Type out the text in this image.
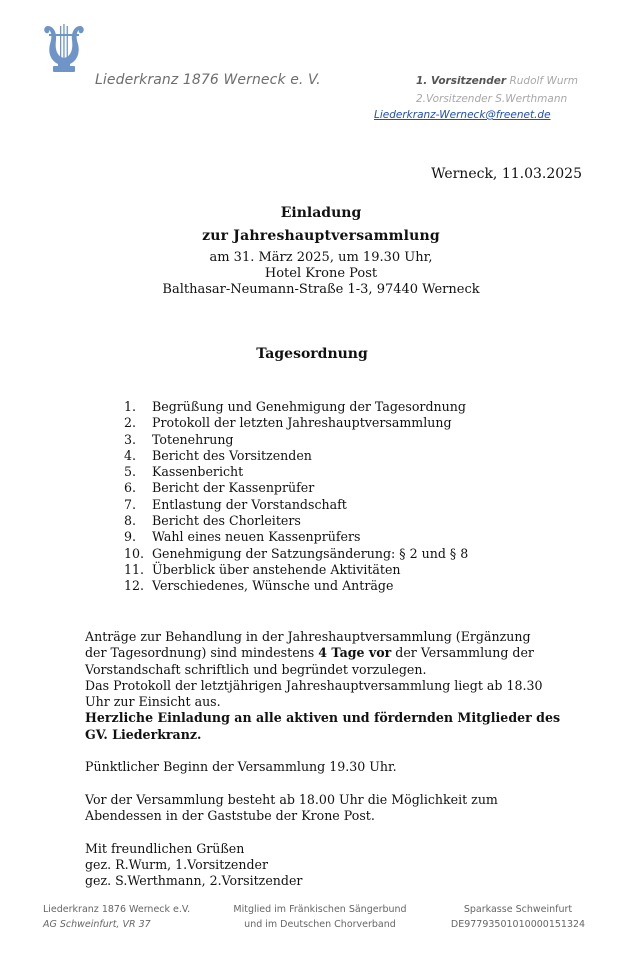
Liederkranz 1876 Werneck e. V.	1. Vorsitzender Rudolf Wurm
2.Vorsitzender S.Werthmann
Liederkranz-Werneck@freenet.de
Werneck, 11.03.2025
Einladung
zur Jahreshauptversammlung
am 31. März 2025, um 19.30 Uhr,
Hotel Krone Post
Balthasar-Neumann-Straße 1-3, 97440 Werneck
Tagesordnung
1. Begrüßung und Genehmigung der Tagesordnung
2. Protokoll der letzten Jahreshauptversammlung
3. Totenehrung
4. Bericht des Vorsitzenden
5. Kassenbericht
6. Bericht der Kassenprüfer
7. Entlastung der Vorstandschaft
8. Bericht des Chorleiters
9. Wahl eines neuen Kassenprüfers
10. Genehmigung der Satzungsänderung: § 2 und § 8
11. Überblick über anstehende Aktivitäten
12. Verschiedenes, Wünsche und Anträge

Anträge zur Behandlung in der Jahreshauptversammlung (Ergänzung

der Tagesordnung) sind mindestens 4 Tage vor der Versammlung der

Vorstandschaft schriftlich und begründet vorzulegen.

Das Protokoll der letztjährigen Jahreshauptversammlung liegt ab 18.30

Uhr zur Einsicht aus.

Herzliche Einladung an alle aktiven und fördernden Mitglieder des

GV. Liederkranz.

Pünktlicher Beginn der Versammlung 19.30 Uhr.

Vor der Versammlung besteht ab 18.00 Uhr die Möglichkeit zum

Abendessen in der Gaststube der Krone Post.

Mit freundlichen Grüßen

gez. R.Wurm, 1.Vorsitzender

gez. S.Werthmann, 2.Vorsitzender

Liederkranz 1876 Werneck e.V.
AG Schweinfurt, VR 37
Mitglied im Fränkischen Sängerbund
und im Deutschen Chorverband
Sparkasse Schweinfurt
DE97793501010000151324
